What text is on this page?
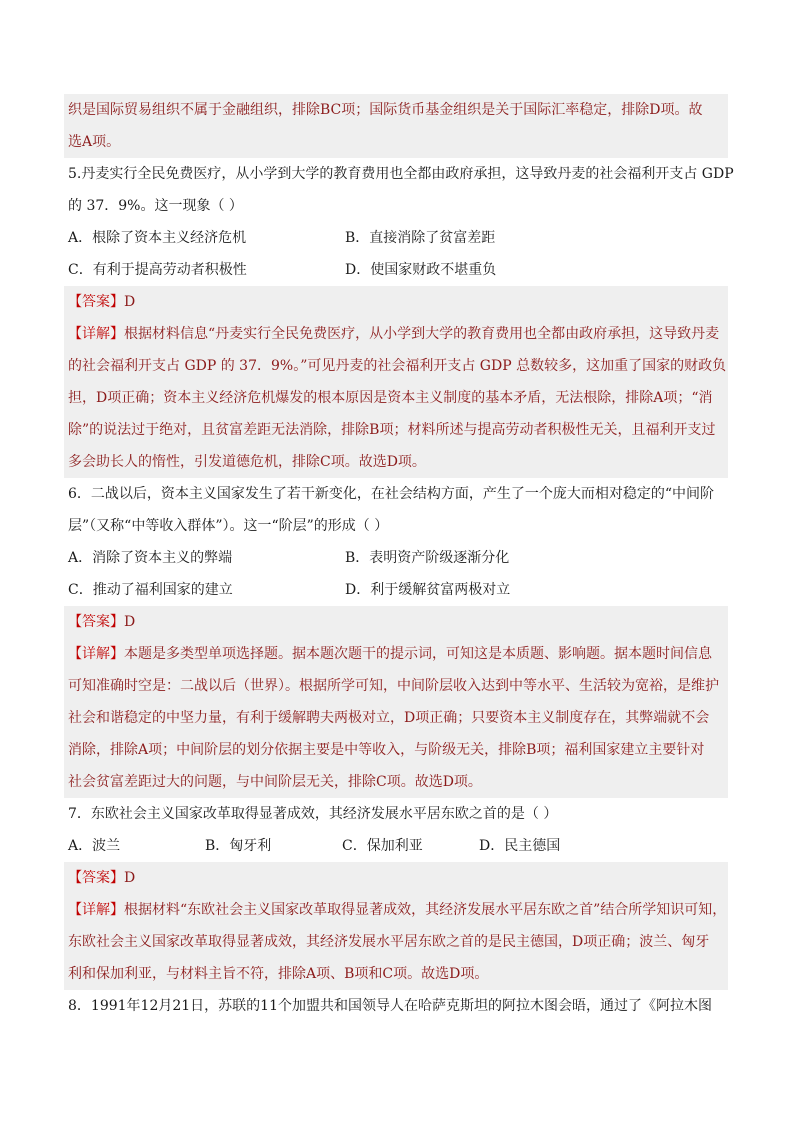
织是国际贸易组织不属于金融组织，排除BC项；国际货币基金组织是关于国际汇率稳定，排除D项。故
选A项。
5.丹麦实行全民免费医疗，从小学到大学的教育费用也全都由政府承担，这导致丹麦的社会福利开支占 GDP
的 37．9%。这一现象（ ）
A．根除了资本主义经济危机	B．直接消除了贫富差距
C．有利于提高劳动者积极性	D．使国家财政不堪重负
【答案】D
【详解】根据材料信息“丹麦实行全民免费医疗，从小学到大学的教育费用也全都由政府承担，这导致丹麦
的社会福利开支占 GDP 的 37．9%。”可见丹麦的社会福利开支占 GDP 总数较多，这加重了国家的财政负
担，D项正确；资本主义经济危机爆发的根本原因是资本主义制度的基本矛盾，无法根除，排除A项；“消
除”的说法过于绝对，且贫富差距无法消除，排除B项；材料所述与提高劳动者积极性无关，且福利开支过
多会助长人的惰性，引发道德危机，排除C项。故选D项。
6．二战以后，资本主义国家发生了若干新变化，在社会结构方面，产生了一个庞大而相对稳定的“中间阶
层”（又称“中等收入群体”）。这一“阶层”的形成（ ）
A．消除了资本主义的弊端	B．表明资产阶级逐渐分化
C．推动了福利国家的建立	D．利于缓解贫富两极对立
【答案】D
【详解】本题是多类型单项选择题。据本题次题干的提示词，可知这是本质题、影响题。据本题时间信息
可知准确时空是：二战以后（世界）。根据所学可知，中间阶层收入达到中等水平、生活较为宽裕，是维护
社会和谐稳定的中坚力量，有利于缓解聘夫两极对立，D项正确；只要资本主义制度存在，其弊端就不会
消除，排除A项；中间阶层的划分依据主要是中等收入，与阶级无关，排除B项；福利国家建立主要针对
社会贫富差距过大的问题，与中间阶层无关，排除C项。故选D项。
7．东欧社会主义国家改革取得显著成效，其经济发展水平居东欧之首的是（ ）
A．波兰	B．匈牙利	C．保加利亚	D．民主德国
【答案】D
【详解】根据材料“东欧社会主义国家改革取得显著成效，其经济发展水平居东欧之首”结合所学知识可知，
东欧社会主义国家改革取得显著成效，其经济发展水平居东欧之首的是民主德国，D项正确；波兰、匈牙
利和保加利亚，与材料主旨不符，排除A项、B项和C项。故选D项。
8．1991年12月21日，苏联的11个加盟共和国领导人在哈萨克斯坦的阿拉木图会晤，通过了《阿拉木图
